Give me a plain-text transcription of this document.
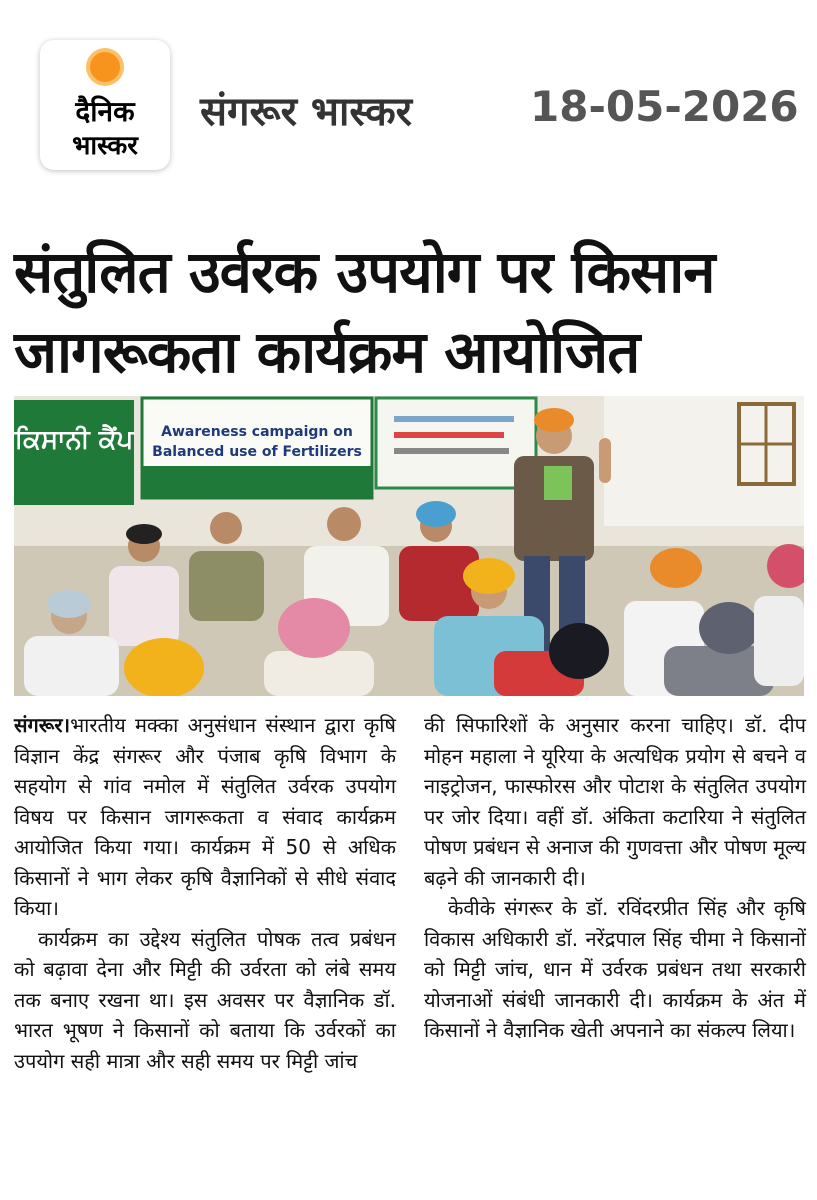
दैनिक
भास्कर
संगरूर भास्कर	18-05-2026
संतुलित उर्वरक उपयोग पर किसान जागरूकता कार्यक्रम आयोजित
ਕਿਸਾਨੀ ਕੈਂਪ Awareness campaign on
Balanced use of Fertilizers

संगरूर।भारतीय मक्का अनुसंधान संस्थान द्वारा कृषि विज्ञान केंद्र संगरूर और पंजाब कृषि विभाग के सहयोग से गांव नमोल में संतुलित उर्वरक उपयोग विषय पर किसान जागरूकता व संवाद कार्यक्रम आयोजित किया गया। कार्यक्रम में 50 से अधिक किसानों ने भाग लेकर कृषि वैज्ञानिकों से सीधे संवाद किया।

कार्यक्रम का उद्देश्य संतुलित पोषक तत्व प्रबंधन को बढ़ावा देना और मिट्टी की उर्वरता को लंबे समय तक बनाए रखना था। इस अवसर पर वैज्ञानिक डॉ. भारत भूषण ने किसानों को बताया कि उर्वरकों का उपयोग सही मात्रा और सही समय पर मिट्टी जांच

की सिफारिशों के अनुसार करना चाहिए। डॉ. दीप मोहन महाला ने यूरिया के अत्यधिक प्रयोग से बचने व नाइट्रोजन, फास्फोरस और पोटाश के संतुलित उपयोग पर जोर दिया। वहीं डॉ. अंकिता कटारिया ने संतुलित पोषण प्रबंधन से अनाज की गुणवत्ता और पोषण मूल्य बढ़ने की जानकारी दी।

केवीके संगरूर के डॉ. रविंदरप्रीत सिंह और कृषि विकास अधिकारी डॉ. नरेंद्रपाल सिंह चीमा ने किसानों को मिट्टी जांच, धान में उर्वरक प्रबंधन तथा सरकारी योजनाओं संबंधी जानकारी दी। कार्यक्रम के अंत में किसानों ने वैज्ञानिक खेती अपनाने का संकल्प लिया।
